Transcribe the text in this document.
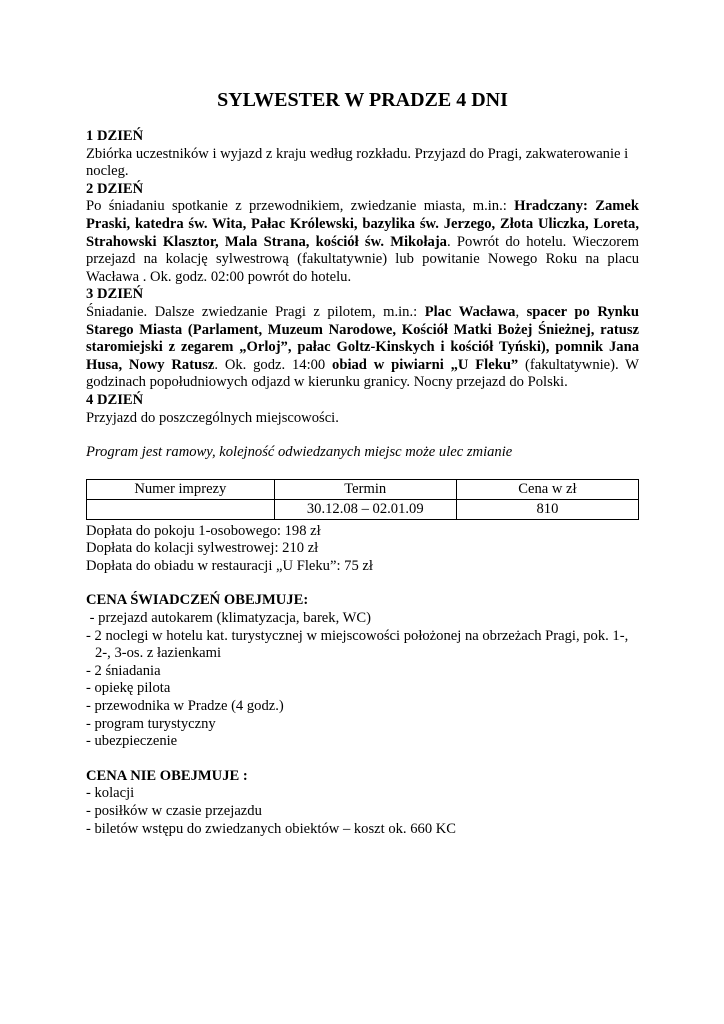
SYLWESTER W PRADZE 4 DNI
1 DZIEŃ

Zbiórka uczestników i wyjazd z kraju według rozkładu. Przyjazd do Pragi, zakwaterowanie i nocleg.

2 DZIEŃ

Po śniadaniu spotkanie z przewodnikiem, zwiedzanie miasta, m.in.: Hradczany: Zamek Praski, katedra św. Wita, Pałac Królewski, bazylika św. Jerzego, Złota Uliczka, Loreta, Strahowski Klasztor, Mala Strana, kościół św. Mikołaja. Powrót do hotelu. Wieczorem przejazd na kolację sylwestrową (fakultatywnie) lub powitanie Nowego Roku na placu Wacława . Ok. godz. 02:00 powrót do hotelu.

3 DZIEŃ

Śniadanie. Dalsze zwiedzanie Pragi z pilotem, m.in.: Plac Wacława, spacer po Rynku Starego Miasta (Parlament, Muzeum Narodowe, Kościół Matki Bożej Śnieżnej, ratusz staromiejski z zegarem „Orloj”, pałac Goltz-Kinskych i kościół Tyński), pomnik Jana Husa, Nowy Ratusz. Ok. godz. 14:00 obiad w piwiarni „U Fleku” (fakultatywnie). W godzinach popołudniowych odjazd w kierunku granicy. Nocny przejazd do Polski.

4 DZIEŃ

Przyjazd do poszczególnych miejscowości.

Program jest ramowy, kolejność odwiedzanych miejsc może ulec zmianie

Numer imprezy	Termin	Cena w zł
	30.12.08 – 02.01.09	810
Dopłata do pokoju 1-osobowego: 198 zł
Dopłata do kolacji sylwestrowej: 210 zł
Dopłata do obiadu w restauracji „U Fleku”: 75 zł
CENA ŚWIADCZEŃ OBEJMUJE:
- przejazd autokarem (klimatyzacja, barek, WC)
- 2 noclegi w hotelu kat. turystycznej w miejscowości położonej na obrzeżach Pragi, pok. 1-, 2-, 3-os. z łazienkami
- 2 śniadania
- opiekę pilota
- przewodnika w Pradze (4 godz.)
- program turystyczny
- ubezpieczenie
CENA NIE OBEJMUJE :
- kolacji
- posiłków w czasie przejazdu
- biletów wstępu do zwiedzanych obiektów – koszt ok. 660 KC
